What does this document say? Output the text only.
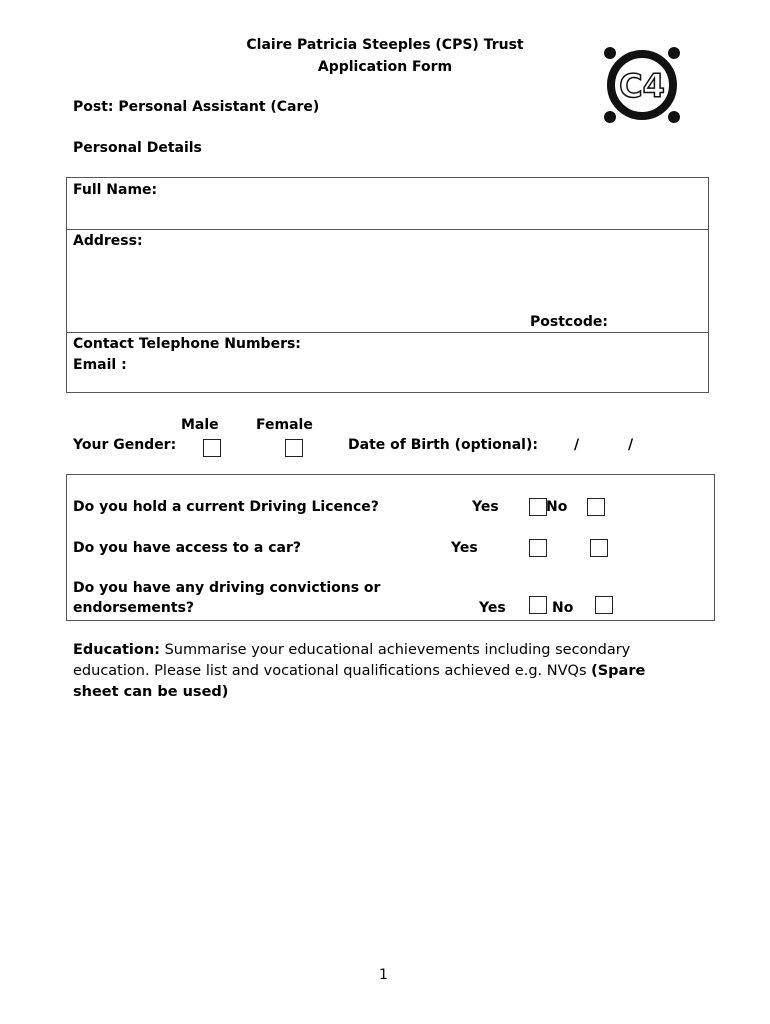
Claire Patricia Steeples (CPS) Trust
Application Form	C4
Post: Personal Assistant (Care)
Personal Details
Full Name:
Address:
Postcode:
Contact Telephone Numbers:
Email :
Male	Female
Your Gender:	Date of Birth (optional):	/	/
Do you hold a current Driving Licence?	Yes	No
Do you have access to a car?	Yes
Do you have any driving convictions or
endorsements?	Yes	No
Education: Summarise your educational achievements including secondary education. Please list and vocational qualifications achieved e.g. NVQs (Spare sheet can be used)
1
